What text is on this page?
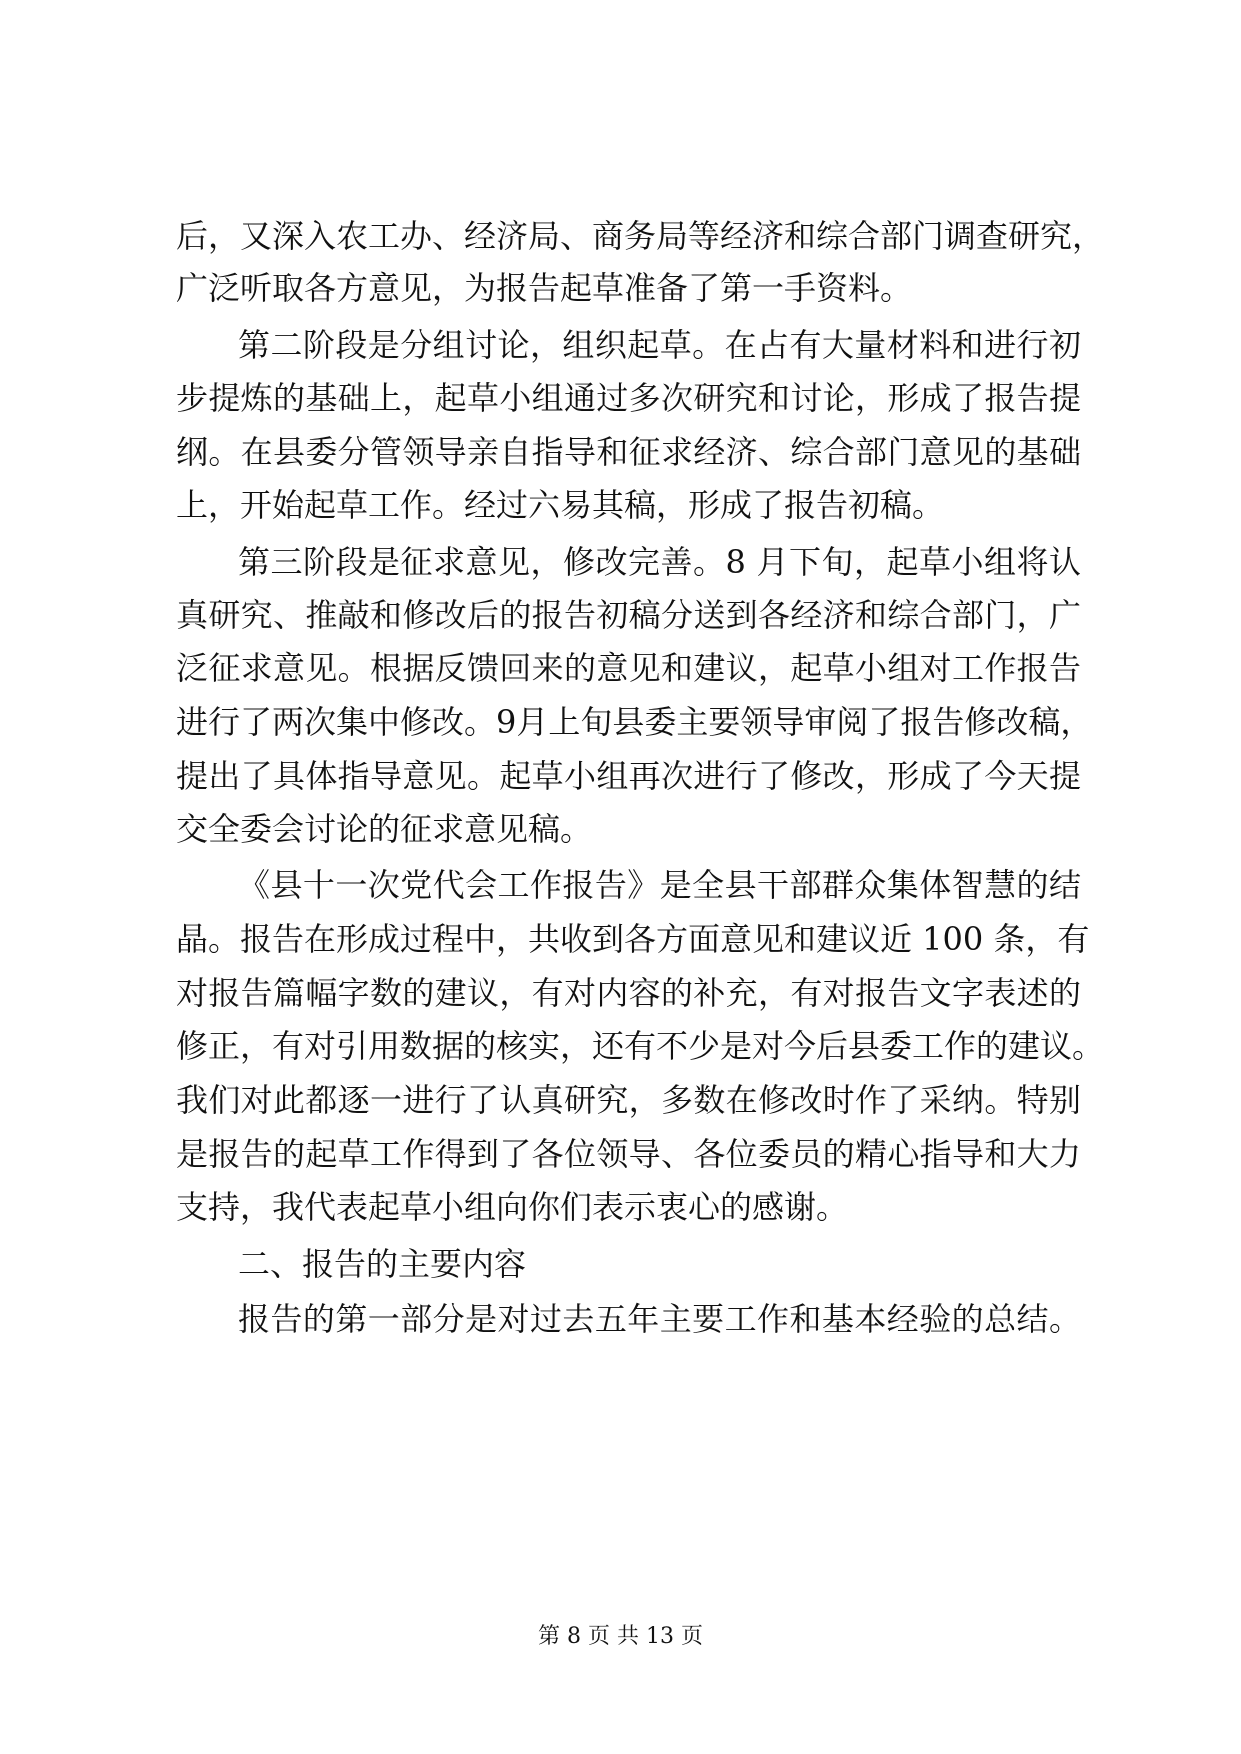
后，又深入农工办、经济局、商务局等经济和综合部门调查研究，
广泛听取各方意见，为报告起草准备了第一手资料。
第二阶段是分组讨论，组织起草。在占有大量材料和进行初
步提炼的基础上，起草小组通过多次研究和讨论，形成了报告提
纲。在县委分管领导亲自指导和征求经济、综合部门意见的基础
上，开始起草工作。经过六易其稿，形成了报告初稿。
第三阶段是征求意见，修改完善。8 月下旬，起草小组将认
真研究、推敲和修改后的报告初稿分送到各经济和综合部门，广
泛征求意见。根据反馈回来的意见和建议，起草小组对工作报告
进行了两次集中修改。9月上旬县委主要领导审阅了报告修改稿，
提出了具体指导意见。起草小组再次进行了修改，形成了今天提
交全委会讨论的征求意见稿。
《县十一次党代会工作报告》是全县干部群众集体智慧的结
晶。报告在形成过程中，共收到各方面意见和建议近 100 条，有
对报告篇幅字数的建议，有对内容的补充，有对报告文字表述的
修正，有对引用数据的核实，还有不少是对今后县委工作的建议。
我们对此都逐一进行了认真研究，多数在修改时作了采纳。特别
是报告的起草工作得到了各位领导、各位委员的精心指导和大力
支持，我代表起草小组向你们表示衷心的感谢。
二、报告的主要内容
报告的第一部分是对过去五年主要工作和基本经验的总结。
第 8 页 共 13 页
